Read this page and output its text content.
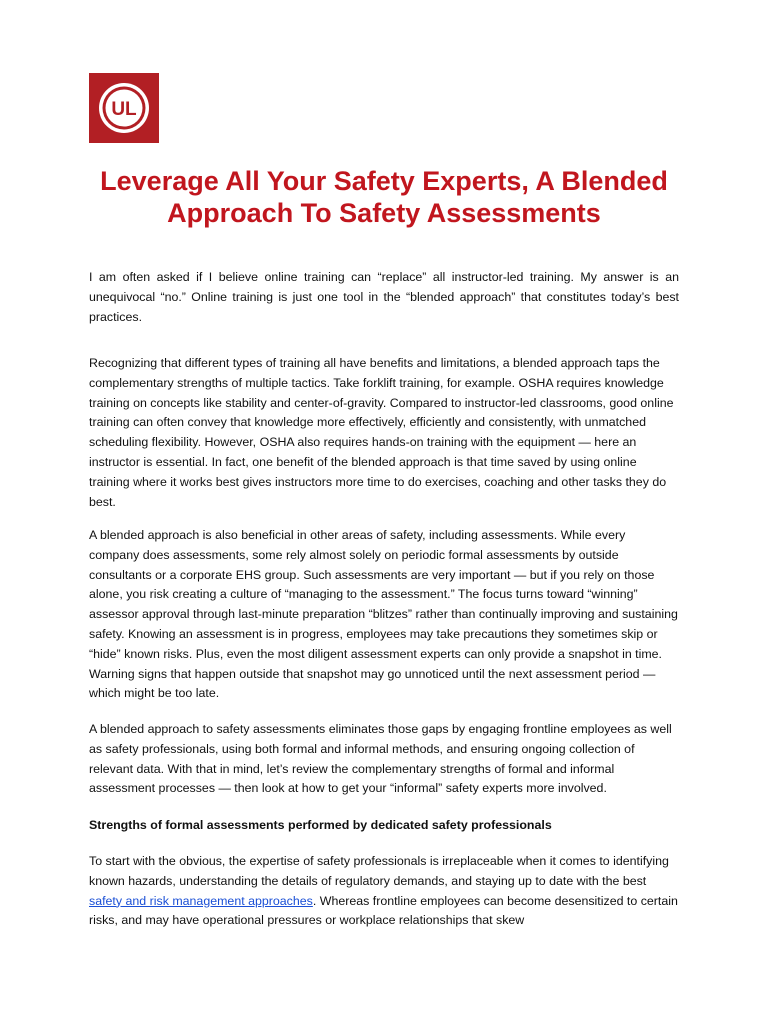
UL
Leverage All Your Safety Experts, A Blended Approach To Safety Assessments

I am often asked if I believe online training can “replace” all instructor-led training. My answer is an unequivocal “no.” Online training is just one tool in the “blended approach” that constitutes today’s best practices.

Recognizing that different types of training all have benefits and limitations, a blended approach taps the complementary strengths of multiple tactics. Take forklift training, for example. OSHA requires knowledge training on concepts like stability and center-of-gravity. Compared to instructor-led classrooms, good online training can often convey that knowledge more effectively, efficiently and consistently, with unmatched scheduling flexibility. However, OSHA also requires hands-on training with the equipment — here an instructor is essential. In fact, one benefit of the blended approach is that time saved by using online training where it works best gives instructors more time to do exercises, coaching and other tasks they do best.

A blended approach is also beneficial in other areas of safety, including assessments. While every company does assessments, some rely almost solely on periodic formal assessments by outside consultants or a corporate EHS group. Such assessments are very important — but if you rely on those alone, you risk creating a culture of “managing to the assessment.” The focus turns toward “winning” assessor approval through last-minute preparation “blitzes” rather than continually improving and sustaining safety. Knowing an assessment is in progress, employees may take precautions they sometimes skip or “hide” known risks. Plus, even the most diligent assessment experts can only provide a snapshot in time. Warning signs that happen outside that snapshot may go unnoticed until the next assessment period — which might be too late.

A blended approach to safety assessments eliminates those gaps by engaging frontline employees as well as safety professionals, using both formal and informal methods, and ensuring ongoing collection of relevant data. With that in mind, let’s review the complementary strengths of formal and informal assessment processes — then look at how to get your “informal” safety experts more involved.

Strengths of formal assessments performed by dedicated safety professionals

To start with the obvious, the expertise of safety professionals is irreplaceable when it comes to identifying known hazards, understanding the details of regulatory demands, and staying up to date with the best safety and risk management approaches. Whereas frontline employees can become desensitized to certain risks, and may have operational pressures or workplace relationships that skew
